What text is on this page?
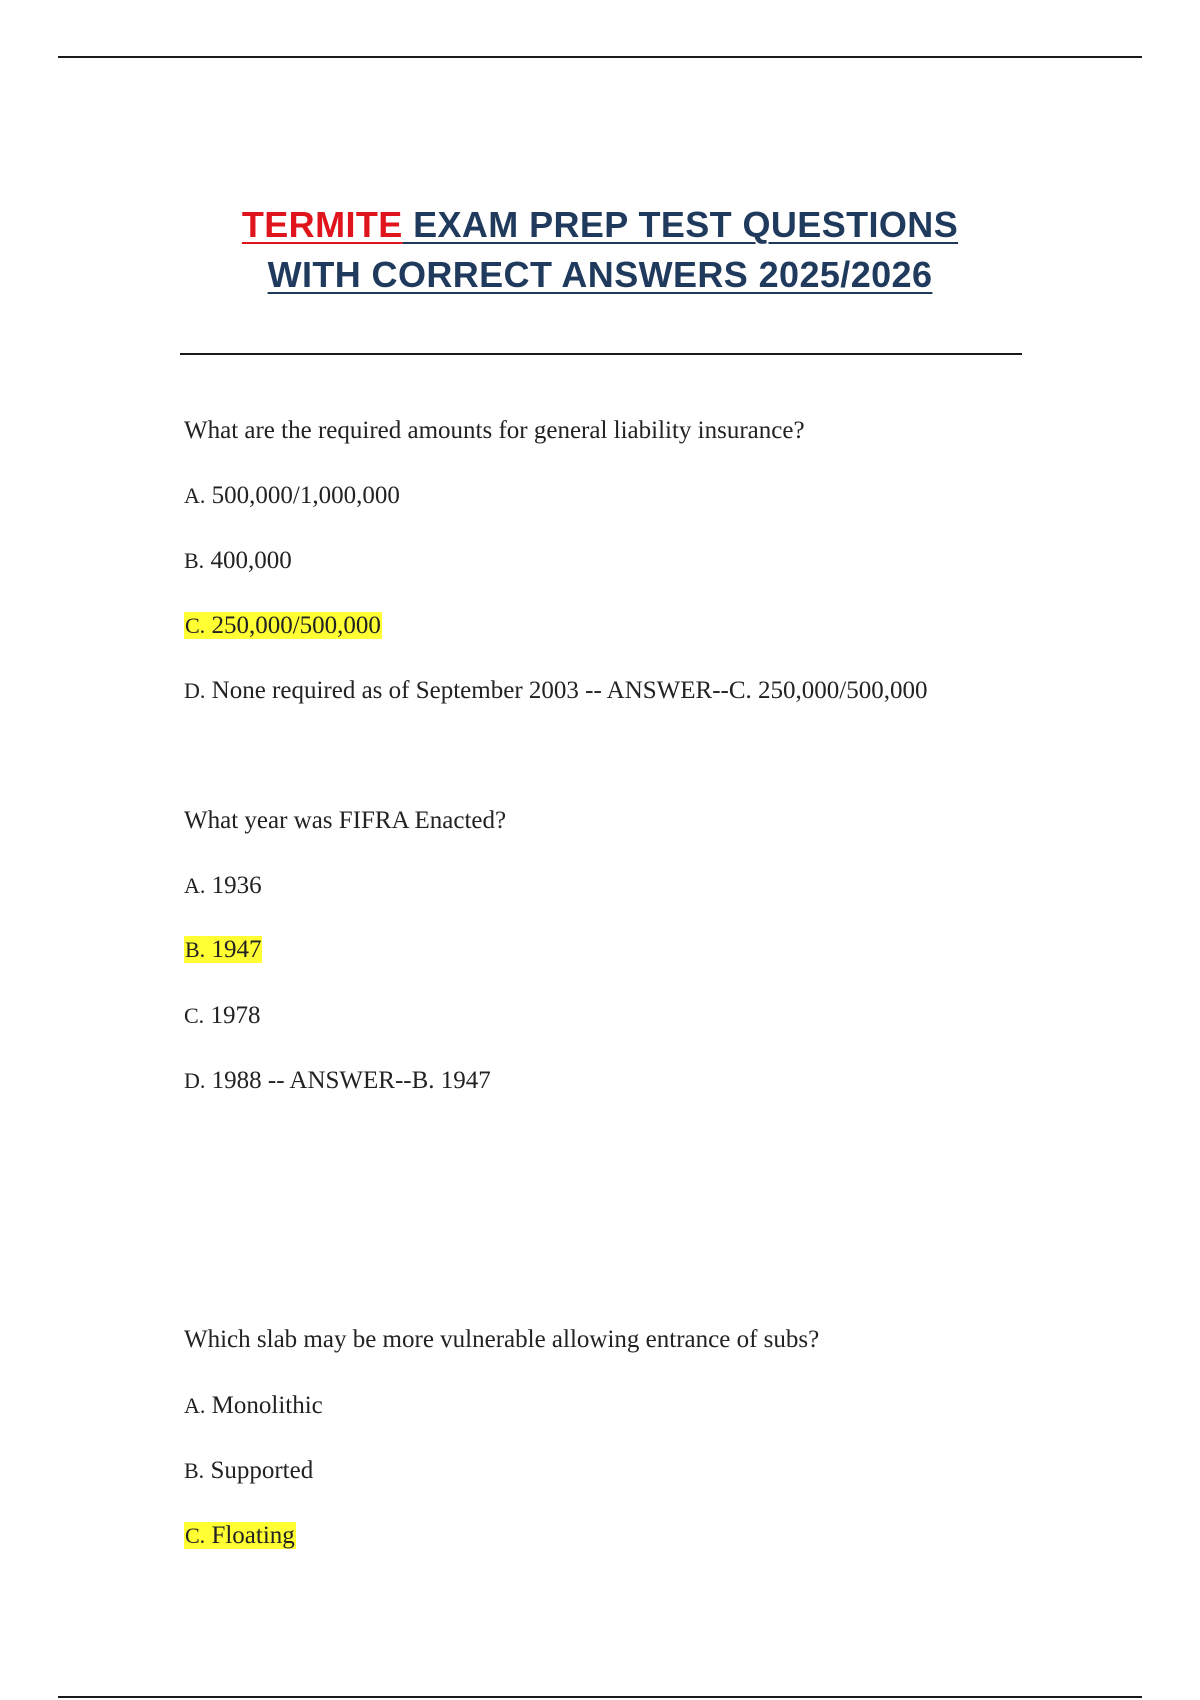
TERMITE EXAM PREP TEST QUESTIONS
WITH CORRECT ANSWERS 2025/2026
What are the required amounts for general liability insurance?
A. 500,000/1,000,000
B. 400,000
C. 250,000/500,000
D. None required as of September 2003 -- ANSWER--C. 250,000/500,000
What year was FIFRA Enacted?
A. 1936
B. 1947
C. 1978
D. 1988 -- ANSWER--B. 1947
Which slab may be more vulnerable allowing entrance of subs?
A. Monolithic
B. Supported
C. Floating
